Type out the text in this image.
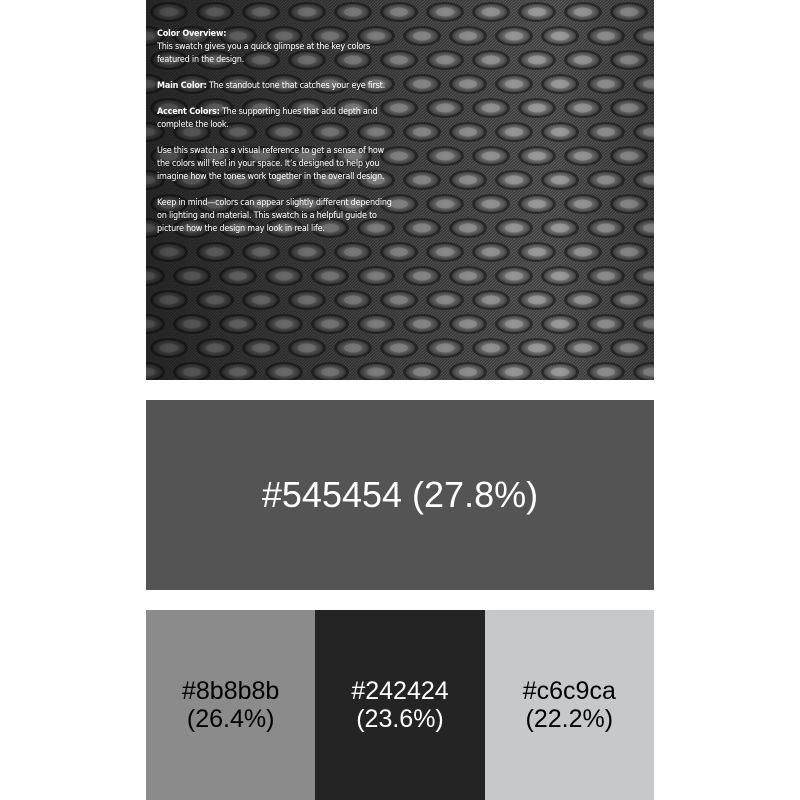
Color Overview:
This swatch gives you a quick glimpse at the key colors featured in the design.

Main Color: The standout tone that catches your eye first.

Accent Colors: The supporting hues that add depth and complete the look.

Use this swatch as a visual reference to get a sense of how the colors will feel in your space. It’s designed to help you imagine how the tones work together in the overall design.

Keep in mind—colors can appear slightly different depending on lighting and material. This swatch is a helpful guide to picture how the design may look in real life.

#545454 (27.8%)
#8b8b8b
(26.4%)
#242424
(23.6%)
#c6c9ca
(22.2%)
